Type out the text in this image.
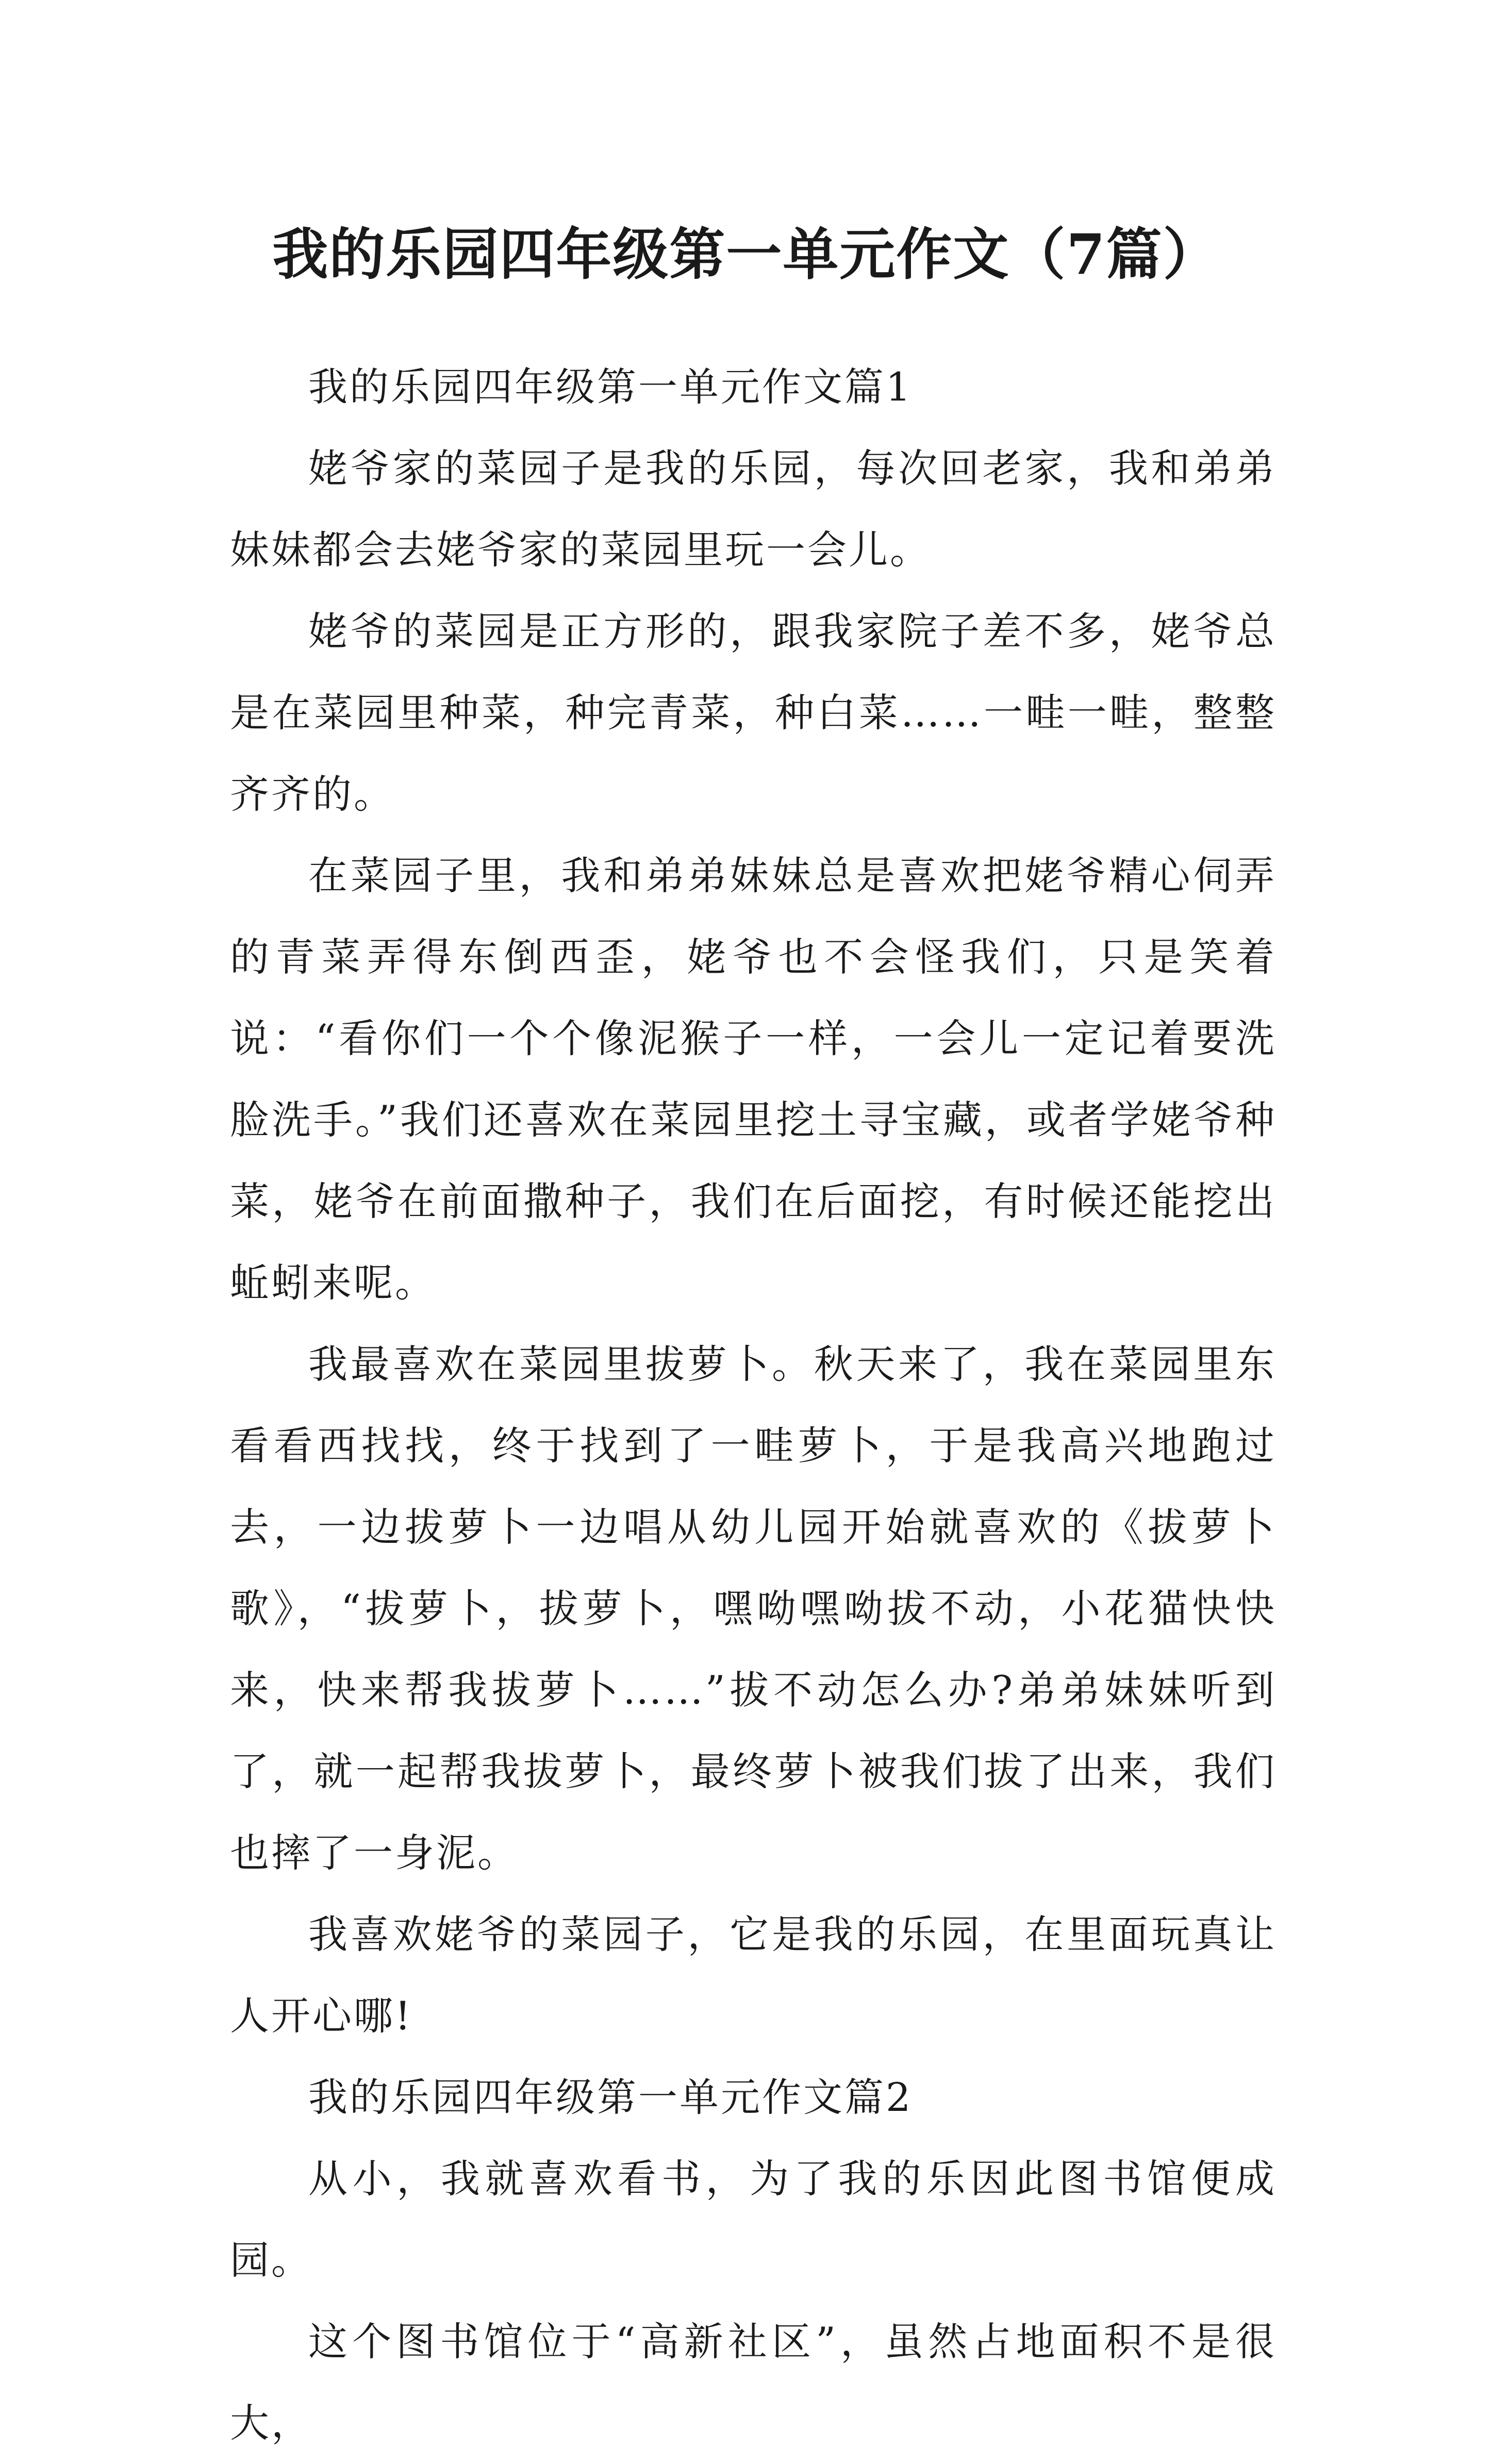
我的乐园四年级第一单元作文（7篇）

我的乐园四年级第一单元作文篇1

姥爷家的菜园子是我的乐园，每次回老家，我和弟弟妹妹都会去姥爷家的菜园里玩一会儿。

姥爷的菜园是正方形的，跟我家院子差不多，姥爷总是在菜园里种菜，种完青菜，种白菜……一畦一畦，整整齐齐的。

在菜园子里，我和弟弟妹妹总是喜欢把姥爷精心伺弄的青菜弄得东倒西歪，姥爷也不会怪我们，只是笑着说：“看你们一个个像泥猴子一样，一会儿一定记着要洗脸洗手。”我们还喜欢在菜园里挖土寻宝藏，或者学姥爷种菜，姥爷在前面撒种子，我们在后面挖，有时候还能挖出蚯蚓来呢。

我最喜欢在菜园里拔萝卜。秋天来了，我在菜园里东看看西找找，终于找到了一畦萝卜，于是我高兴地跑过去，一边拔萝卜一边唱从幼儿园开始就喜欢的《拔萝卜歌》，“拔萝卜，拔萝卜，嘿呦嘿呦拔不动，小花猫快快来，快来帮我拔萝卜……”拔不动怎么办?弟弟妹妹听到了，就一起帮我拔萝卜，最终萝卜被我们拔了出来，我们也摔了一身泥。

我喜欢姥爷的菜园子，它是我的乐园，在里面玩真让人开心哪!

我的乐园四年级第一单元作文篇2

从小，我就喜欢看书，为了我的乐因此图书馆便成园。

这个图书馆位于“高新社区”，虽然占地面积不是很大，
